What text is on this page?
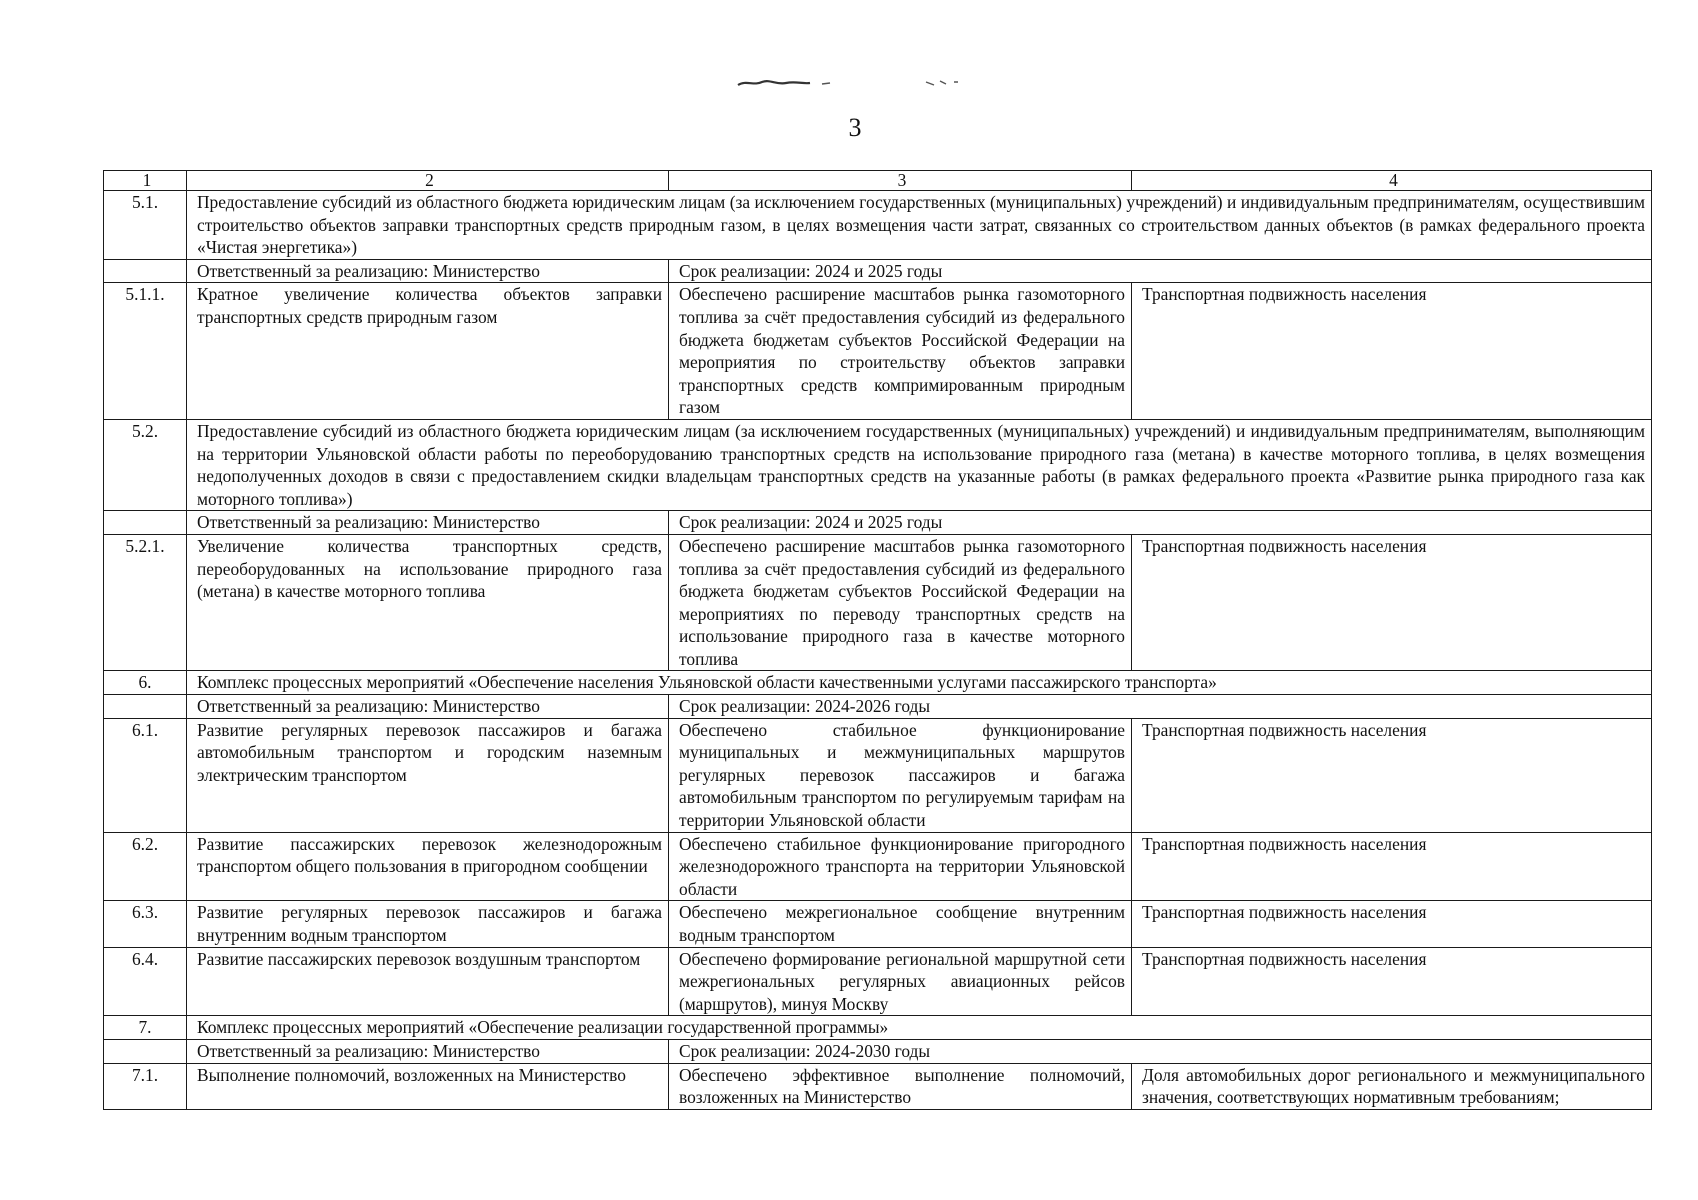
3
1	2	3	4
5.1.	Предоставление субсидий из областного бюджета юридическим лицам (за исключением государственных (муниципальных) учреждений) и индивидуальным предпринимателям, осуществившим строительство объектов заправки транспортных средств природным газом, в целях возмещения части затрат, связанных со строительством данных объектов (в рамках федерального проекта «Чистая энергетика»)		
	Ответственный за реализацию: Министерство	Срок реализации: 2024 и 2025 годы	
5.1.1.	Кратное увеличение количества объектов заправки транспортных средств природным газом	Обеспечено расширение масштабов рынка газомоторного топлива за счёт предоставления субсидий из федерального бюджета бюджетам субъектов Российской Федерации на мероприятия по строительству объектов заправки транспортных средств компримированным природным газом	Транспортная подвижность населения
5.2.	Предоставление субсидий из областного бюджета юридическим лицам (за исключением государственных (муниципальных) учреждений) и индивидуальным предпринимателям, выполняющим на территории Ульяновской области работы по переоборудованию транспортных средств на использование природного газа (метана) в качестве моторного топлива, в целях возмещения недополученных доходов в связи с предоставлением скидки владельцам транспортных средств на указанные работы (в рамках федерального проекта «Развитие рынка природного газа как моторного топлива»)		
	Ответственный за реализацию: Министерство	Срок реализации: 2024 и 2025 годы	
5.2.1.	Увеличение количества транспортных средств, переоборудованных на использование природного газа (метана) в качестве моторного топлива	Обеспечено расширение масштабов рынка газомоторного топлива за счёт предоставления субсидий из федерального бюджета бюджетам субъектов Российской Федерации на мероприятиях по переводу транспортных средств на использование природного газа в качестве моторного топлива	Транспортная подвижность населения
6.	Комплекс процессных мероприятий «Обеспечение населения Ульяновской области качественными услугами пассажирского транспорта»		
	Ответственный за реализацию: Министерство	Срок реализации: 2024-2026 годы	
6.1.	Развитие регулярных перевозок пассажиров и багажа автомобильным транспортом и городским наземным электрическим транспортом	Обеспечено стабильное функционирование муниципальных и межмуниципальных маршрутов регулярных перевозок пассажиров и багажа автомобильным транспортом по регулируемым тарифам на территории Ульяновской области	Транспортная подвижность населения
6.2.	Развитие пассажирских перевозок железнодорожным транспортом общего пользования в пригородном сообщении	Обеспечено стабильное функционирование пригородного железнодорожного транспорта на территории Ульяновской области	Транспортная подвижность населения
6.3.	Развитие регулярных перевозок пассажиров и багажа внутренним водным транспортом	Обеспечено межрегиональное сообщение внутренним водным транспортом	Транспортная подвижность населения
6.4.	Развитие пассажирских перевозок воздушным транспортом	Обеспечено формирование региональной маршрутной сети межрегиональных регулярных авиационных рейсов (маршрутов), минуя Москву	Транспортная подвижность населения
7.	Комплекс процессных мероприятий «Обеспечение реализации государственной программы»		
	Ответственный за реализацию: Министерство	Срок реализации: 2024-2030 годы	
7.1.	Выполнение полномочий, возложенных на Министерство	Обеспечено эффективное выполнение полномочий, возложенных на Министерство	Доля автомобильных дорог регионального и межмуниципального значения, соответствующих нормативным требованиям;
